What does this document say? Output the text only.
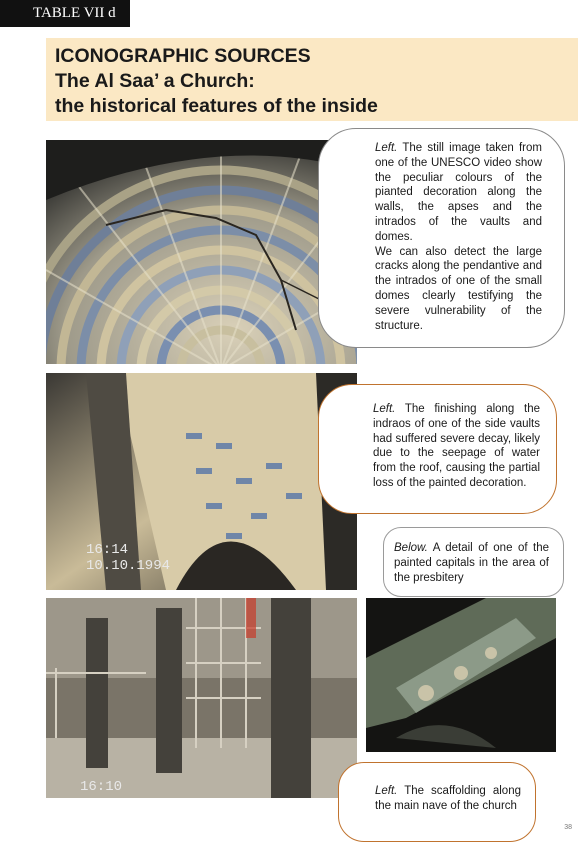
TABLE VII d
ICONOGRAPHIC SOURCES
The Al Saa’ a Church:
the historical features of the inside

Left. The still image taken from one of the UNESCO video show the peculiar colours of the pianted decoration along the walls, the apses and the intrados of the vaults and domes.

We can also detect the large cracks along the pendantive and the intrados of one of the small domes clearly testifying the severe vulnerability of the structure.

16:14
10.10.1994

Left. The finishing along the indraos of one of the side vaults had suffered severe decay, likely due to the seepage of water from the roof, causing the partial loss of the painted decoration.

Below. A detail of one of the painted capitals in the area of the presbitery

16:10	Left. The scaffolding along the main nave of the church

38
